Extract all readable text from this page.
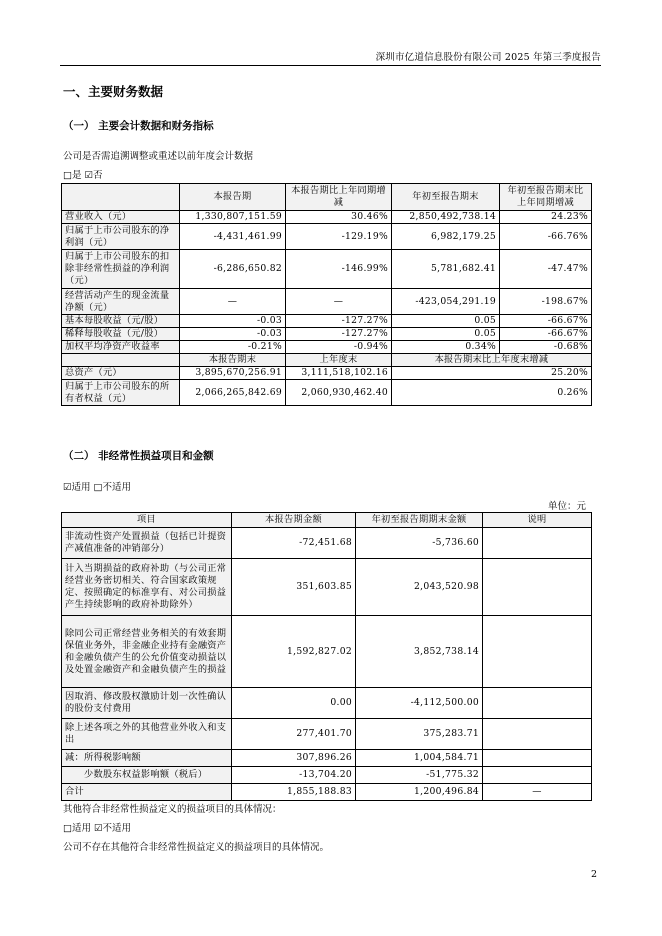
深圳市亿道信息股份有限公司 2025 年第三季度报告
一、主要财务数据
（一） 主要会计数据和财务指标
公司是否需追溯调整或重述以前年度会计数据
□是 ☑否
	本报告期	本报告期比上年同期增减	年初至报告期末	年初至报告期末比上年同期增减
营业收入（元）	1,330,807,151.59	30.46%	2,850,492,738.14	24.23%
归属于上市公司股东的净利润（元）	-4,431,461.99	-129.19%	6,982,179.25	-66.76%
归属于上市公司股东的扣除非经常性损益的净利润（元）	-6,286,650.82	-146.99%	5,781,682.41	-47.47%
经营活动产生的现金流量净额（元）	—	—	-423,054,291.19	-198.67%
基本每股收益（元/股）	-0.03	-127.27%	0.05	-66.67%
稀释每股收益（元/股）	-0.03	-127.27%	0.05	-66.67%
加权平均净资产收益率	-0.21%	-0.94%	0.34%	-0.68%
	本报告期末	上年度末	本报告期末比上年度末增减	
总资产（元）	3,895,670,256.91	3,111,518,102.16	25.20%	
归属于上市公司股东的所有者权益（元）	2,066,265,842.69	2,060,930,462.40	0.26%	
（二） 非经常性损益项目和金额
☑适用 □不适用
单位：元
项目	本报告期金额	年初至报告期期末金额	说明
非流动性资产处置损益（包括已计提资产减值准备的冲销部分）	-72,451.68	-5,736.60	
计入当期损益的政府补助（与公司正常经营业务密切相关、符合国家政策规定、按照确定的标准享有、对公司损益产生持续影响的政府补助除外）	351,603.85	2,043,520.98	
除同公司正常经营业务相关的有效套期保值业务外，非金融企业持有金融资产和金融负债产生的公允价值变动损益以及处置金融资产和金融负债产生的损益	1,592,827.02	3,852,738.14	
因取消、修改股权激励计划一次性确认的股份支付费用	0.00	-4,112,500.00	
除上述各项之外的其他营业外收入和支出	277,401.70	375,283.71	
减：所得税影响额	307,896.26	1,004,584.71	
少数股东权益影响额（税后）	-13,704.20	-51,775.32	
合计	1,855,188.83	1,200,496.84	—
其他符合非经常性损益定义的损益项目的具体情况：
□适用 ☑不适用
公司不存在其他符合非经常性损益定义的损益项目的具体情况。
2
